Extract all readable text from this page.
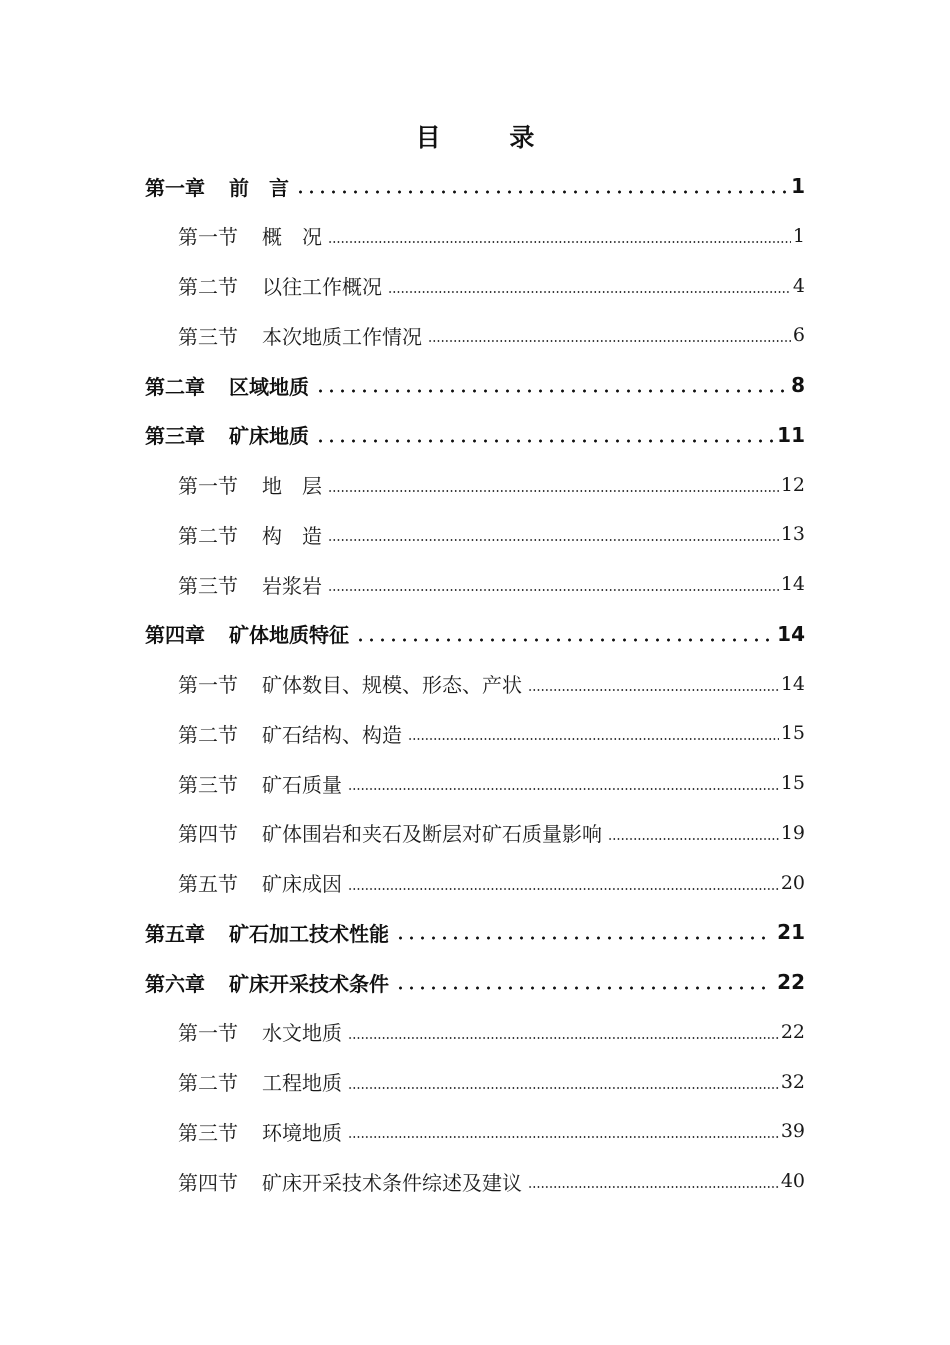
目 录
第一章 前　言	1
第一节 概　况	1
第二节 以往工作概况	4
第三节 本次地质工作情况	6
第二章 区域地质	8
第三章 矿床地质	11
第一节 地　层	12
第二节 构　造	13
第三节 岩浆岩	14
第四章 矿体地质特征	14
第一节 矿体数目、规模、形态、产状	14
第二节 矿石结构、构造	15
第三节 矿石质量	15
第四节 矿体围岩和夹石及断层对矿石质量影响	19
第五节 矿床成因	20
第五章 矿石加工技术性能	21
第六章 矿床开采技术条件	22
第一节 水文地质	22
第二节 工程地质	32
第三节 环境地质	39
第四节 矿床开采技术条件综述及建议	40
